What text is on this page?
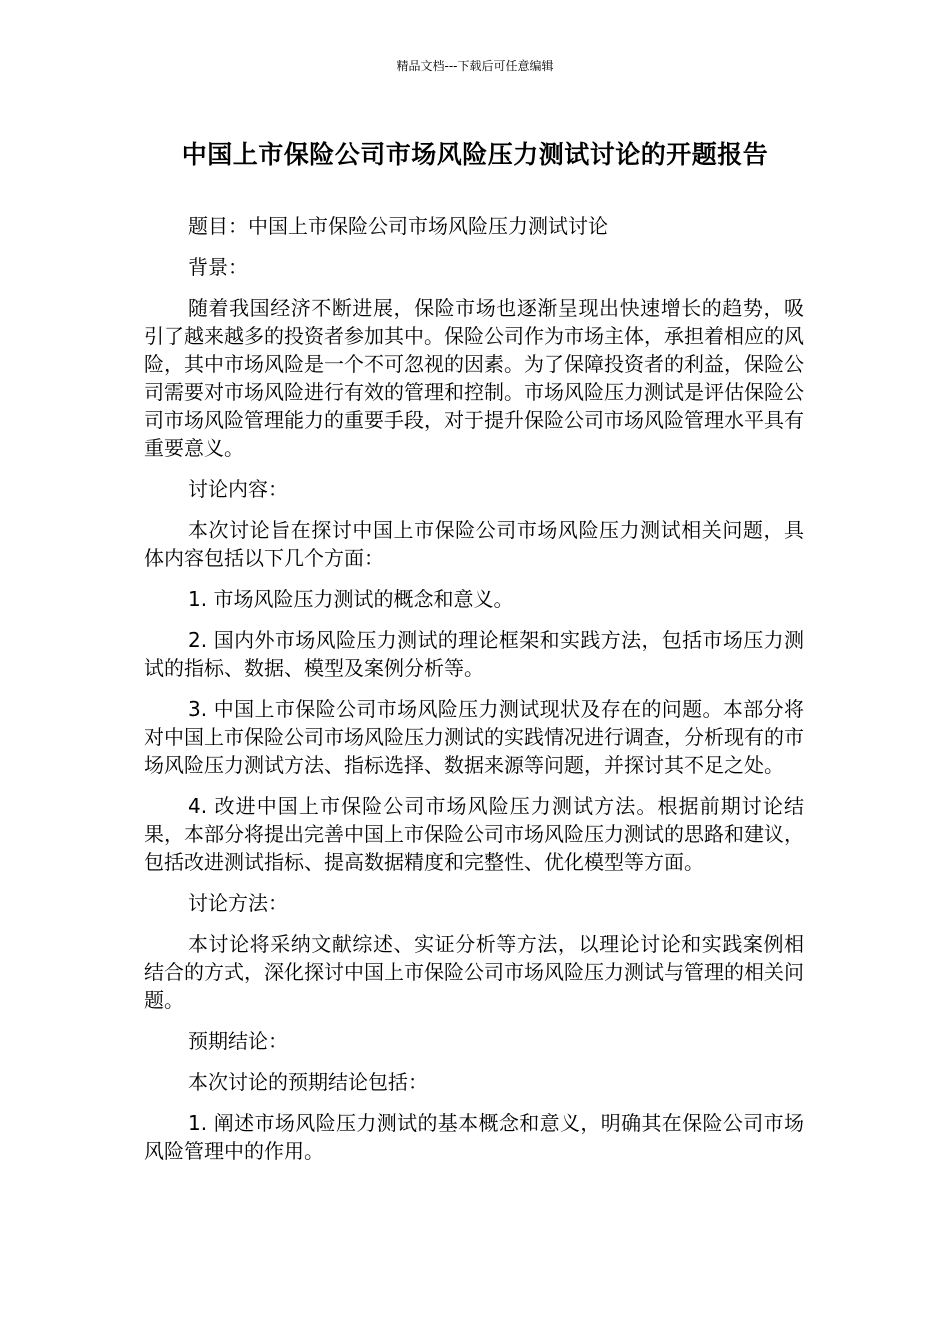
精品文档---下载后可任意编辑
中国上市保险公司市场风险压力测试讨论的开题报告

题目：中国上市保险公司市场风险压力测试讨论

背景：

随着我国经济不断进展，保险市场也逐渐呈现出快速增长的趋势，吸引了越来越多的投资者参加其中。保险公司作为市场主体，承担着相应的风险，其中市场风险是一个不可忽视的因素。为了保障投资者的利益，保险公司需要对市场风险进行有效的管理和控制。市场风险压力测试是评估保险公司市场风险管理能力的重要手段，对于提升保险公司市场风险管理水平具有重要意义。

讨论内容：

本次讨论旨在探讨中国上市保险公司市场风险压力测试相关问题，具体内容包括以下几个方面：

1. 市场风险压力测试的概念和意义。

2. 国内外市场风险压力测试的理论框架和实践方法，包括市场压力测试的指标、数据、模型及案例分析等。

3. 中国上市保险公司市场风险压力测试现状及存在的问题。本部分将对中国上市保险公司市场风险压力测试的实践情况进行调查，分析现有的市场风险压力测试方法、指标选择、数据来源等问题，并探讨其不足之处。

4. 改进中国上市保险公司市场风险压力测试方法。根据前期讨论结果，本部分将提出完善中国上市保险公司市场风险压力测试的思路和建议，包括改进测试指标、提高数据精度和完整性、优化模型等方面。

讨论方法：

本讨论将采纳文献综述、实证分析等方法，以理论讨论和实践案例相结合的方式，深化探讨中国上市保险公司市场风险压力测试与管理的相关问题。

预期结论：

本次讨论的预期结论包括：

1. 阐述市场风险压力测试的基本概念和意义，明确其在保险公司市场风险管理中的作用。
